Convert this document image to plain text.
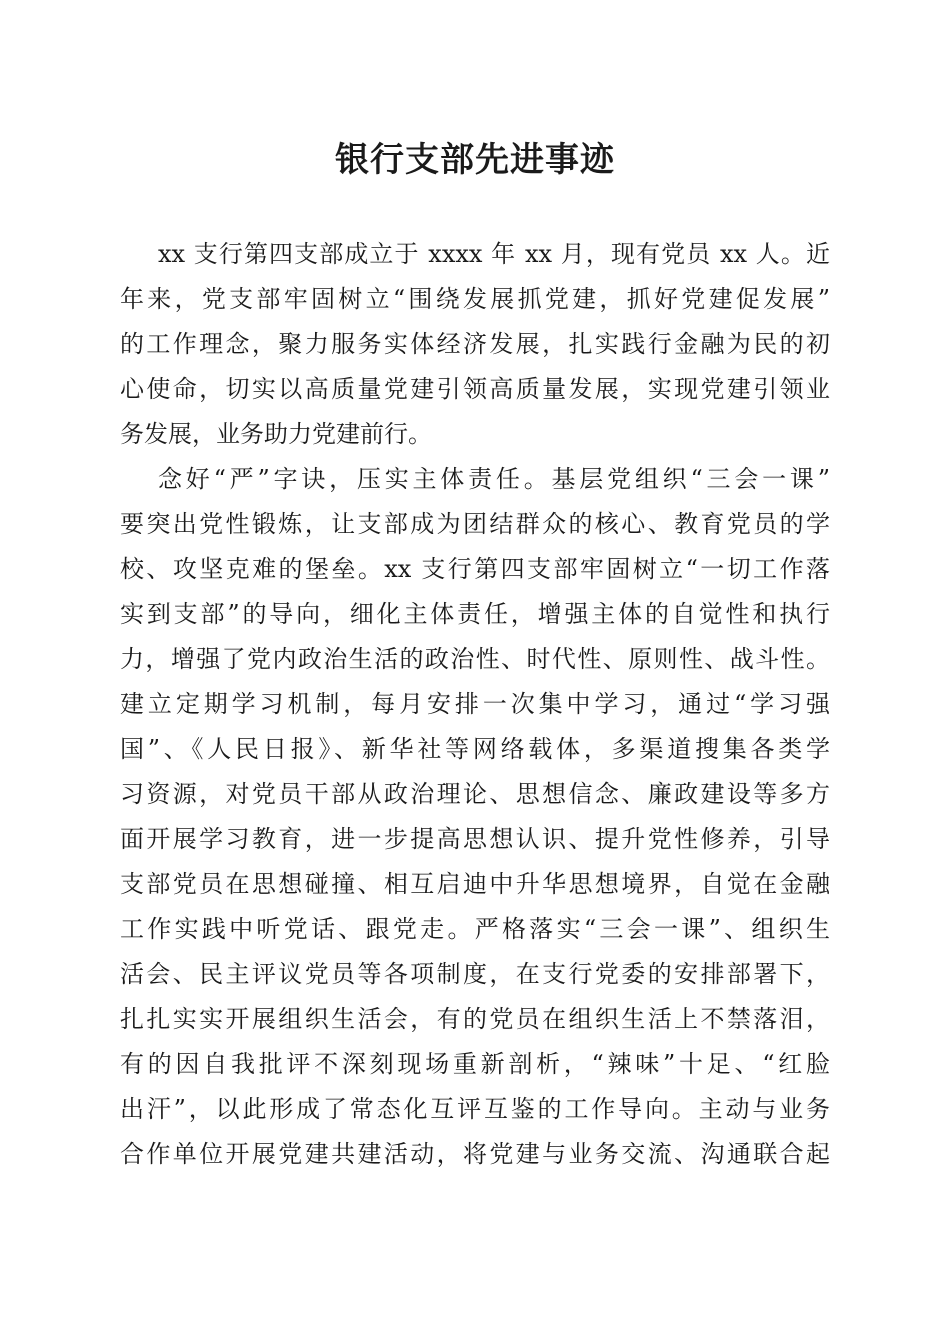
银行支部先进事迹
xx 支行第四支部成立于 xxxx 年 xx 月，现有党员 xx 人。近
年来，党支部牢固树立“围绕发展抓党建，抓好党建促发展”
的工作理念，聚力服务实体经济发展，扎实践行金融为民的初
心使命，切实以高质量党建引领高质量发展，实现党建引领业
务发展，业务助力党建前行。
念好“严”字诀，压实主体责任。基层党组织“三会一课”
要突出党性锻炼，让支部成为团结群众的核心、教育党员的学
校、攻坚克难的堡垒。xx 支行第四支部牢固树立“一切工作落
实到支部”的导向，细化主体责任，增强主体的自觉性和执行
力，增强了党内政治生活的政治性、时代性、原则性、战斗性。
建立定期学习机制，每月安排一次集中学习，通过“学习强
国”、《人民日报》、新华社等网络载体，多渠道搜集各类学
习资源，对党员干部从政治理论、思想信念、廉政建设等多方
面开展学习教育，进一步提高思想认识、提升党性修养，引导
支部党员在思想碰撞、相互启迪中升华思想境界，自觉在金融
工作实践中听党话、跟党走。严格落实“三会一课”、组织生
活会、民主评议党员等各项制度，在支行党委的安排部署下，
扎扎实实开展组织生活会，有的党员在组织生活上不禁落泪，
有的因自我批评不深刻现场重新剖析，“辣味”十足、“红脸
出汗”，以此形成了常态化互评互鉴的工作导向。主动与业务
合作单位开展党建共建活动，将党建与业务交流、沟通联合起
